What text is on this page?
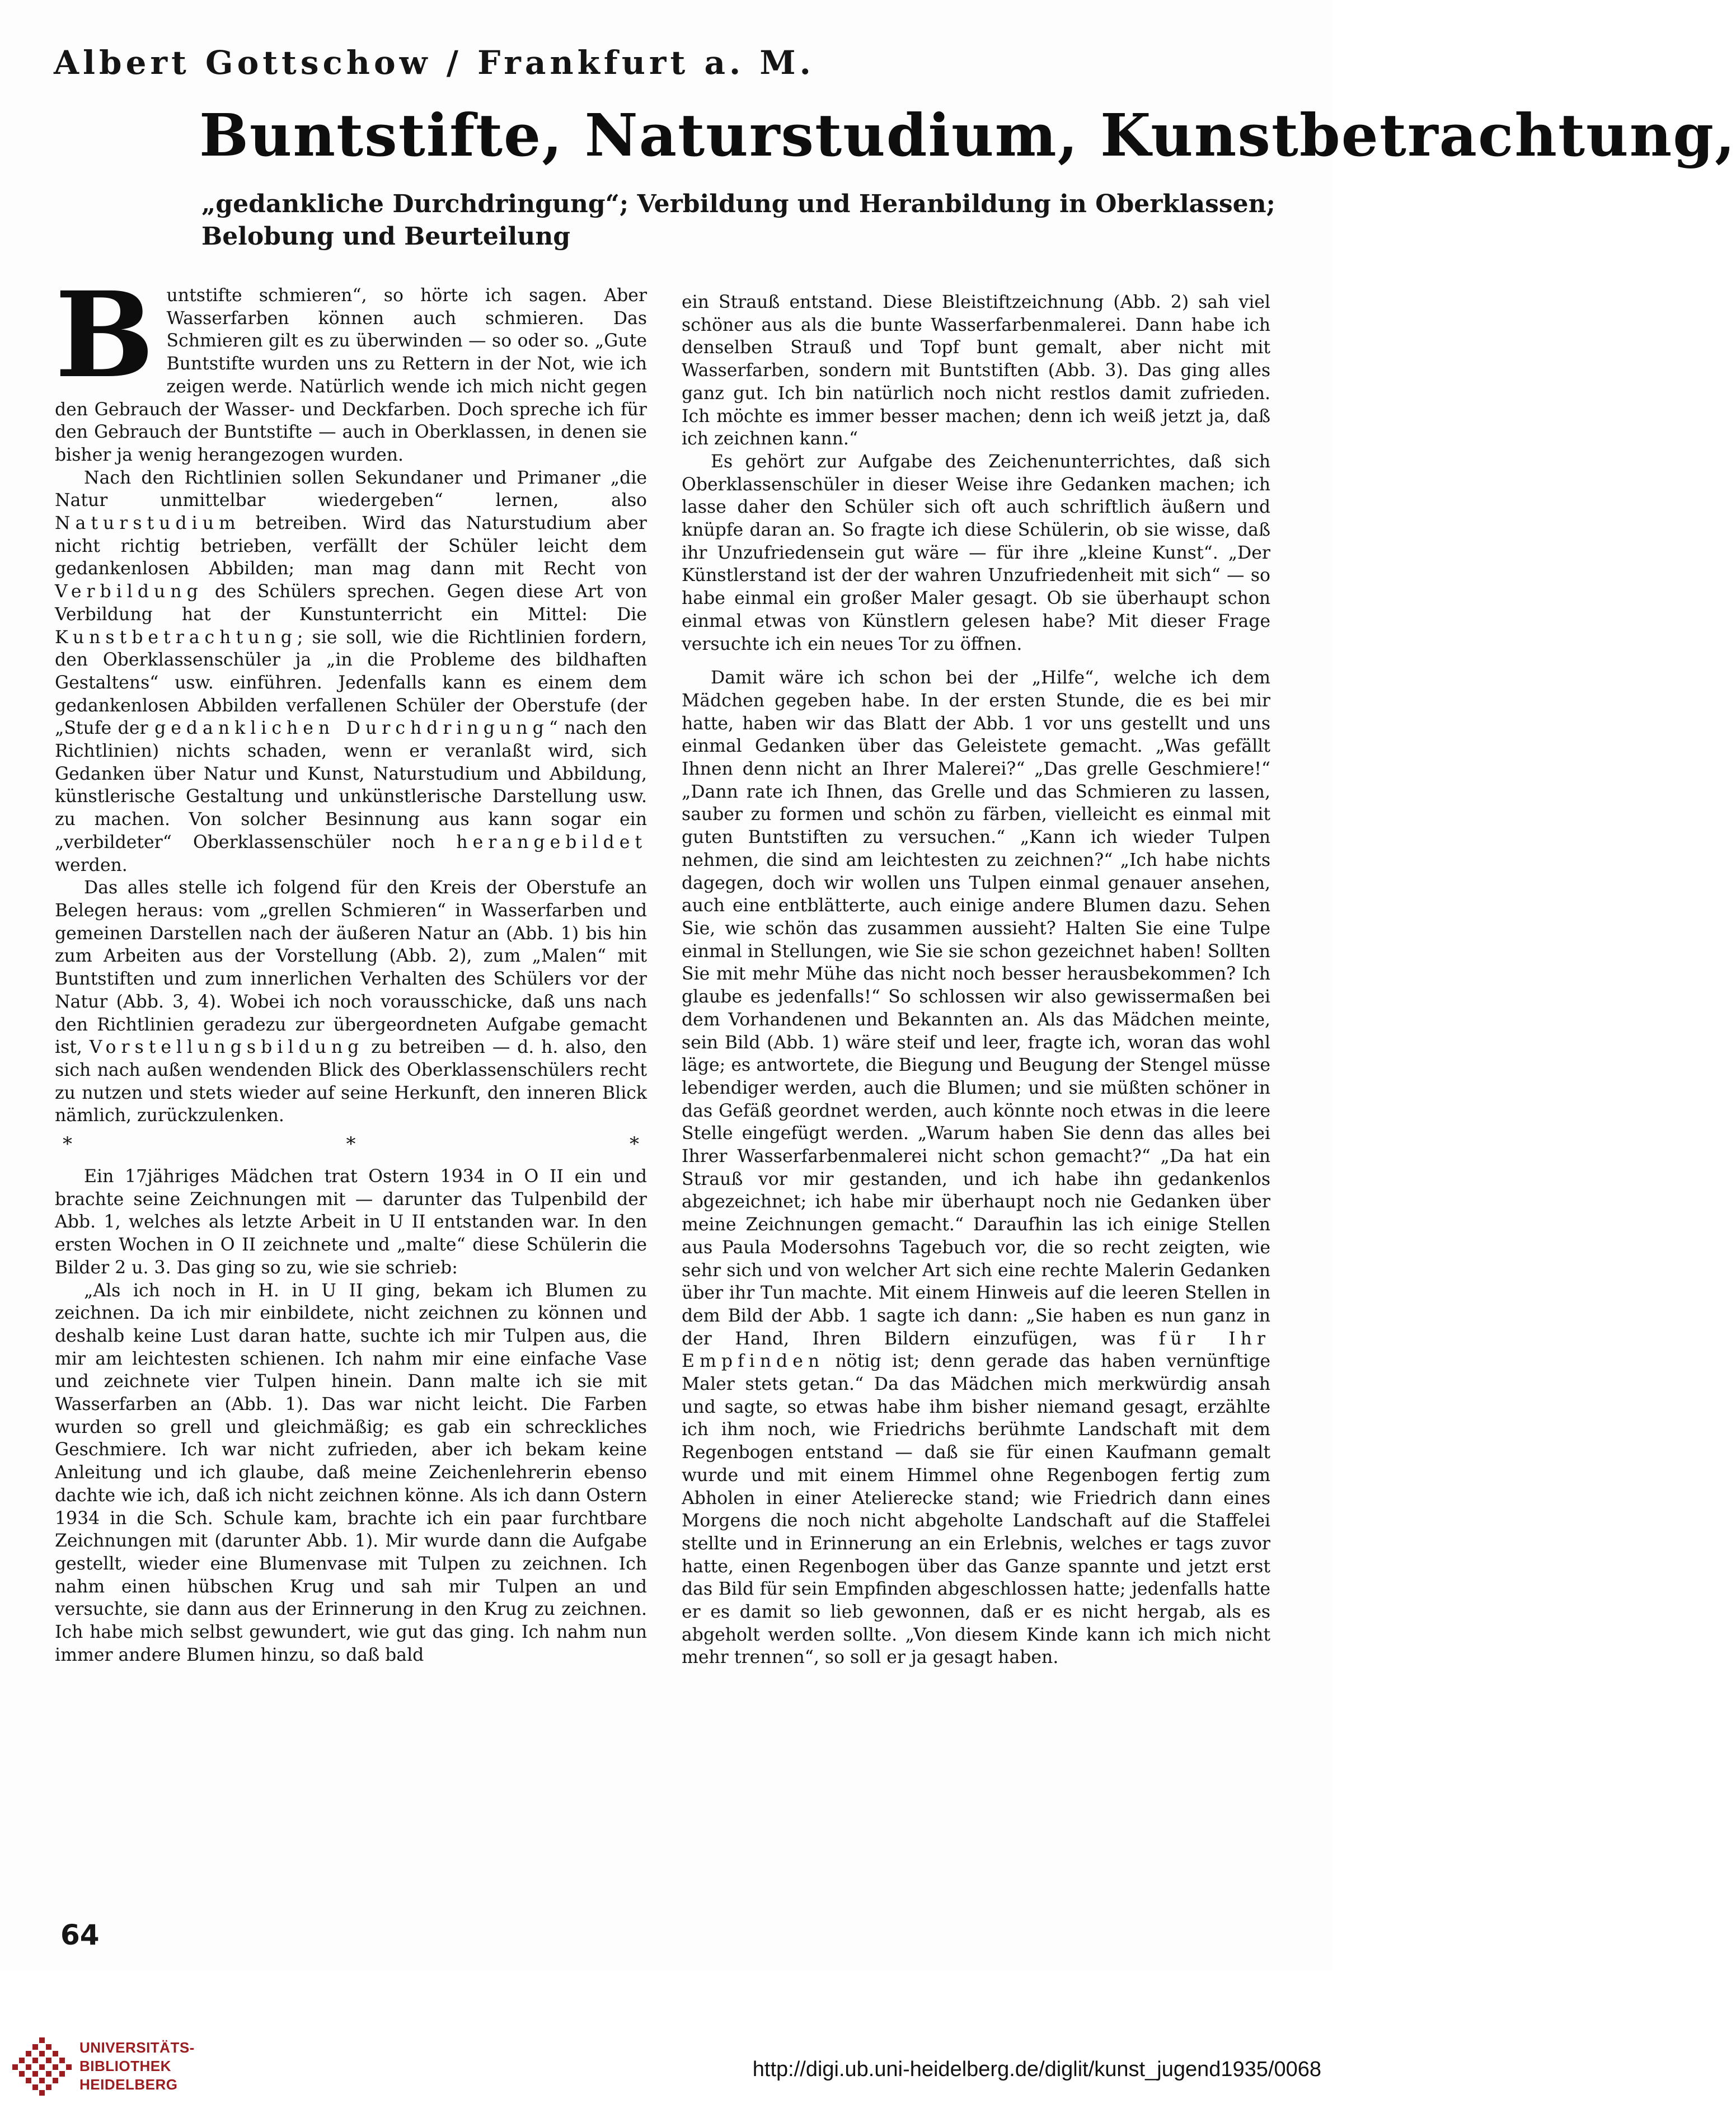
Albert Gottschow / Frankfurt a. M.
Buntstifte, Naturstudium, Kunstbetrachtung,
„gedankliche Durchdringung“; Verbildung und Heranbildung in Oberklassen; Belobung und Beurteilung

Buntstifte schmieren“, so hörte ich sagen. Aber Wasserfarben können auch schmieren. Das Schmieren gilt es zu überwinden — so oder so. „Gute Buntstifte wurden uns zu Rettern in der Not, wie ich zeigen werde. Natürlich wende ich mich nicht gegen den Gebrauch der Wasser- und Deckfarben. Doch spreche ich für den Gebrauch der Buntstifte — auch in Oberklassen, in denen sie bisher ja wenig herangezogen wurden.

Nach den Richtlinien sollen Sekundaner und Primaner „die Natur unmittelbar wiedergeben“ lernen, also Naturstudium betreiben. Wird das Naturstudium aber nicht richtig betrieben, verfällt der Schüler leicht dem gedankenlosen Abbilden; man mag dann mit Recht von Verbildung des Schülers sprechen. Gegen diese Art von Verbildung hat der Kunstunterricht ein Mittel: Die Kunstbetrachtung; sie soll, wie die Richtlinien fordern, den Oberklassenschüler ja „in die Probleme des bildhaften Gestaltens“ usw. einführen. Jedenfalls kann es einem dem gedankenlosen Abbilden verfallenen Schüler der Oberstufe (der „Stufe der gedanklichen Durchdringung“ nach den Richtlinien) nichts schaden, wenn er veranlaßt wird, sich Gedanken über Natur und Kunst, Naturstudium und Abbildung, künstlerische Gestaltung und unkünstlerische Darstellung usw. zu machen. Von solcher Besinnung aus kann sogar ein „verbildeter“ Oberklassenschüler noch herangebildet werden.

Das alles stelle ich folgend für den Kreis der Oberstufe an Belegen heraus: vom „grellen Schmieren“ in Wasserfarben und gemeinen Darstellen nach der äußeren Natur an (Abb. 1) bis hin zum Arbeiten aus der Vorstellung (Abb. 2), zum „Malen“ mit Buntstiften und zum innerlichen Verhalten des Schülers vor der Natur (Abb. 3, 4). Wobei ich noch vorausschicke, daß uns nach den Richtlinien geradezu zur übergeordneten Aufgabe gemacht ist, Vorstellungsbildung zu betreiben — d. h. also, den sich nach außen wendenden Blick des Oberklassenschülers recht zu nutzen und stets wieder auf seine Herkunft, den inneren Blick nämlich, zurückzulenken.

*	*	*

Ein 17jähriges Mädchen trat Ostern 1934 in O II ein und brachte seine Zeichnungen mit — darunter das Tulpenbild der Abb. 1, welches als letzte Arbeit in U II entstanden war. In den ersten Wochen in O II zeichnete und „malte“ diese Schülerin die Bilder 2 u. 3. Das ging so zu, wie sie schrieb:

„Als ich noch in H. in U II ging, bekam ich Blumen zu zeichnen. Da ich mir einbildete, nicht zeichnen zu können und deshalb keine Lust daran hatte, suchte ich mir Tulpen aus, die mir am leichtesten schienen. Ich nahm mir eine einfache Vase und zeichnete vier Tulpen hinein. Dann malte ich sie mit Wasserfarben an (Abb. 1). Das war nicht leicht. Die Farben wurden so grell und gleichmäßig; es gab ein schreckliches Geschmiere. Ich war nicht zufrieden, aber ich bekam keine Anleitung und ich glaube, daß meine Zeichenlehrerin ebenso dachte wie ich, daß ich nicht zeichnen könne. Als ich dann Ostern 1934 in die Sch. Schule kam, brachte ich ein paar furchtbare Zeichnungen mit (darunter Abb. 1). Mir wurde dann die Aufgabe gestellt, wieder eine Blumenvase mit Tulpen zu zeichnen. Ich nahm einen hübschen Krug und sah mir Tulpen an und versuchte, sie dann aus der Erinnerung in den Krug zu zeichnen. Ich habe mich selbst gewundert, wie gut das ging. Ich nahm nun immer andere Blumen hinzu, so daß bald

ein Strauß entstand. Diese Bleistiftzeichnung (Abb. 2) sah viel schöner aus als die bunte Wasserfarbenmalerei. Dann habe ich denselben Strauß und Topf bunt gemalt, aber nicht mit Wasserfarben, sondern mit Buntstiften (Abb. 3). Das ging alles ganz gut. Ich bin natürlich noch nicht restlos damit zufrieden. Ich möchte es immer besser machen; denn ich weiß jetzt ja, daß ich zeichnen kann.“

Es gehört zur Aufgabe des Zeichenunterrichtes, daß sich Oberklassenschüler in dieser Weise ihre Gedanken machen; ich lasse daher den Schüler sich oft auch schriftlich äußern und knüpfe daran an. So fragte ich diese Schülerin, ob sie wisse, daß ihr Unzufriedensein gut wäre — für ihre „kleine Kunst“. „Der Künstlerstand ist der der wahren Unzufriedenheit mit sich“ — so habe einmal ein großer Maler gesagt. Ob sie überhaupt schon einmal etwas von Künstlern gelesen habe? Mit dieser Frage versuchte ich ein neues Tor zu öffnen.

Damit wäre ich schon bei der „Hilfe“, welche ich dem Mädchen gegeben habe. In der ersten Stunde, die es bei mir hatte, haben wir das Blatt der Abb. 1 vor uns gestellt und uns einmal Gedanken über das Geleistete gemacht. „Was gefällt Ihnen denn nicht an Ihrer Malerei?“ „Das grelle Geschmiere!“ „Dann rate ich Ihnen, das Grelle und das Schmieren zu lassen, sauber zu formen und schön zu färben, vielleicht es einmal mit guten Buntstiften zu versuchen.“ „Kann ich wieder Tulpen nehmen, die sind am leichtesten zu zeichnen?“ „Ich habe nichts dagegen, doch wir wollen uns Tulpen einmal genauer ansehen, auch eine entblätterte, auch einige andere Blumen dazu. Sehen Sie, wie schön das zusammen aussieht? Halten Sie eine Tulpe einmal in Stellungen, wie Sie sie schon gezeichnet haben! Sollten Sie mit mehr Mühe das nicht noch besser herausbekommen? Ich glaube es jedenfalls!“ So schlossen wir also gewissermaßen bei dem Vorhandenen und Bekannten an. Als das Mädchen meinte, sein Bild (Abb. 1) wäre steif und leer, fragte ich, woran das wohl läge; es antwortete, die Biegung und Beugung der Stengel müsse lebendiger werden, auch die Blumen; und sie müßten schöner in das Gefäß geordnet werden, auch könnte noch etwas in die leere Stelle eingefügt werden. „Warum haben Sie denn das alles bei Ihrer Wasserfarbenmalerei nicht schon gemacht?“ „Da hat ein Strauß vor mir gestanden, und ich habe ihn gedankenlos abgezeichnet; ich habe mir überhaupt noch nie Gedanken über meine Zeichnungen gemacht.“ Daraufhin las ich einige Stellen aus Paula Modersohns Tagebuch vor, die so recht zeigten, wie sehr sich und von welcher Art sich eine rechte Malerin Gedanken über ihr Tun machte. Mit einem Hinweis auf die leeren Stellen in dem Bild der Abb. 1 sagte ich dann: „Sie haben es nun ganz in der Hand, Ihren Bildern einzufügen, was für Ihr Empfinden nötig ist; denn gerade das haben vernünftige Maler stets getan.“ Da das Mädchen mich merkwürdig ansah und sagte, so etwas habe ihm bisher niemand gesagt, erzählte ich ihm noch, wie Friedrichs berühmte Landschaft mit dem Regenbogen entstand — daß sie für einen Kaufmann gemalt wurde und mit einem Himmel ohne Regenbogen fertig zum Abholen in einer Atelierecke stand; wie Friedrich dann eines Morgens die noch nicht abgeholte Landschaft auf die Staffelei stellte und in Erinnerung an ein Erlebnis, welches er tags zuvor hatte, einen Regenbogen über das Ganze spannte und jetzt erst das Bild für sein Empfinden abgeschlossen hatte; jedenfalls hatte er es damit so lieb gewonnen, daß er es nicht hergab, als es abgeholt werden sollte. „Von diesem Kinde kann ich mich nicht mehr trennen“, so soll er ja gesagt haben.

64
UNIVERSITÄTS-
BIBLIOTHEK
HEIDELBERG
http://digi.ub.uni-heidelberg.de/diglit/kunst_jugend1935/0068
